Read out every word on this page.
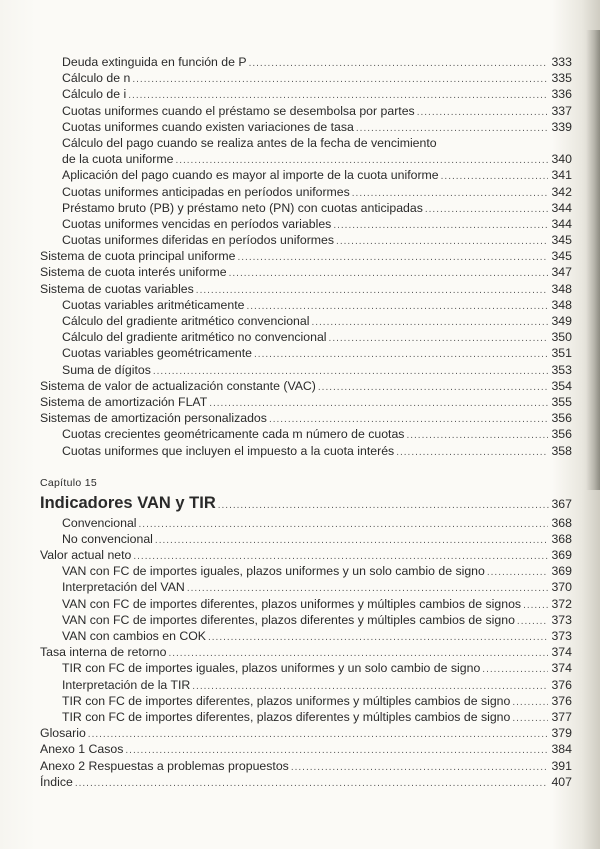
Deuda extinguida en función de P .....	333
Cálculo de n .....	335
Cálculo de i .....	336
Cuotas uniformes cuando el préstamo se desembolsa por partes .....	337
Cuotas uniformes cuando existen variaciones de tasa .....	339
Cálculo del pago cuando se realiza antes de la fecha de vencimiento
de la cuota uniforme .....	340
Aplicación del pago cuando es mayor al importe de la cuota uniforme .....	341
Cuotas uniformes anticipadas en períodos uniformes .....	342
Préstamo bruto (PB) y préstamo neto (PN) con cuotas anticipadas .....	344
Cuotas uniformes vencidas en períodos variables .....	344
Cuotas uniformes diferidas en períodos uniformes .....	345
Sistema de cuota principal uniforme .....	345
Sistema de cuota interés uniforme .....	347
Sistema de cuotas variables .....	348
Cuotas variables aritméticamente .....	348
Cálculo del gradiente aritmético convencional .....	349
Cálculo del gradiente aritmético no convencional .....	350
Cuotas variables geométricamente .....	351
Suma de dígitos .....	353
Sistema de valor de actualización constante (VAC) .....	354
Sistema de amortización FLAT .....	355
Sistemas de amortización personalizados .....	356
Cuotas crecientes geométricamente cada m número de cuotas .....	356
Cuotas uniformes que incluyen el impuesto a la cuota interés .....	358
Capítulo 15
Indicadores VAN y TIR .....	367
Convencional .....	368
No convencional .....	368
Valor actual neto .....	369
VAN con FC de importes iguales, plazos uniformes y un solo cambio de signo .....	369
Interpretación del VAN .....	370
VAN con FC de importes diferentes, plazos uniformes y múltiples cambios de signos ..... 372
VAN con FC de importes diferentes, plazos diferentes y múltiples cambios de signo .....	373
VAN con cambios en COK .....	373
Tasa interna de retorno .....	374
TIR con FC de importes iguales, plazos uniformes y un solo cambio de signo .....	374
Interpretación de la TIR .....	376
TIR con FC de importes diferentes, plazos uniformes y múltiples cambios de signo .....	376
TIR con FC de importes diferentes, plazos diferentes y múltiples cambios de signo .....	377
Glosario .....	379
Anexo 1 Casos .....	384
Anexo 2 Respuestas a problemas propuestos .....	391
Índice .....	407
